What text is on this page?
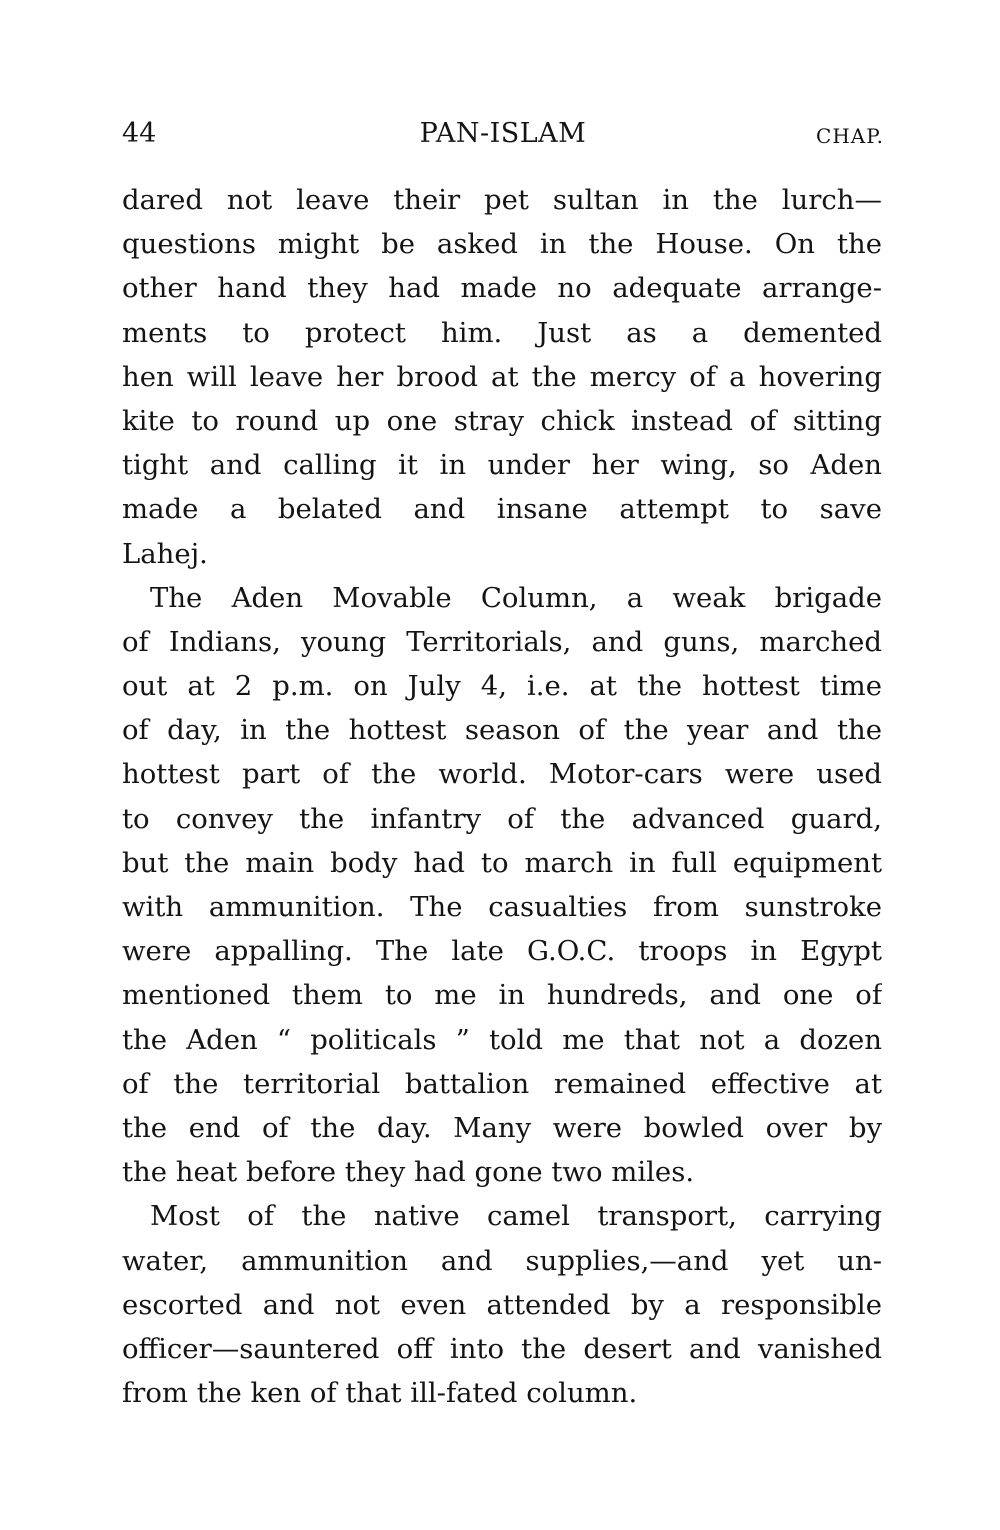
44	PAN-ISLAM	CHAP.
dared not leave their pet sultan in the lurch—
questions might be asked in the House. On the
other hand they had made no adequate arrange-
ments to protect him. Just as a demented
hen will leave her brood at the mercy of a hovering
kite to round up one stray chick instead of sitting
tight and calling it in under her wing, so Aden
made a belated and insane attempt to save
Lahej.
The Aden Movable Column, a weak brigade
of Indians, young Territorials, and guns, marched
out at 2 p.m. on July 4, i.e. at the hottest time
of day, in the hottest season of the year and the
hottest part of the world. Motor-cars were used
to convey the infantry of the advanced guard,
but the main body had to march in full equipment
with ammunition. The casualties from sunstroke
were appalling. The late G.O.C. troops in Egypt
mentioned them to me in hundreds, and one of
the Aden “ politicals ” told me that not a dozen
of the territorial battalion remained effective at
the end of the day. Many were bowled over by
the heat before they had gone two miles.
Most of the native camel transport, carrying
water, ammunition and supplies,—and yet un-
escorted and not even attended by a responsible
officer—sauntered off into the desert and vanished
from the ken of that ill-fated column.
